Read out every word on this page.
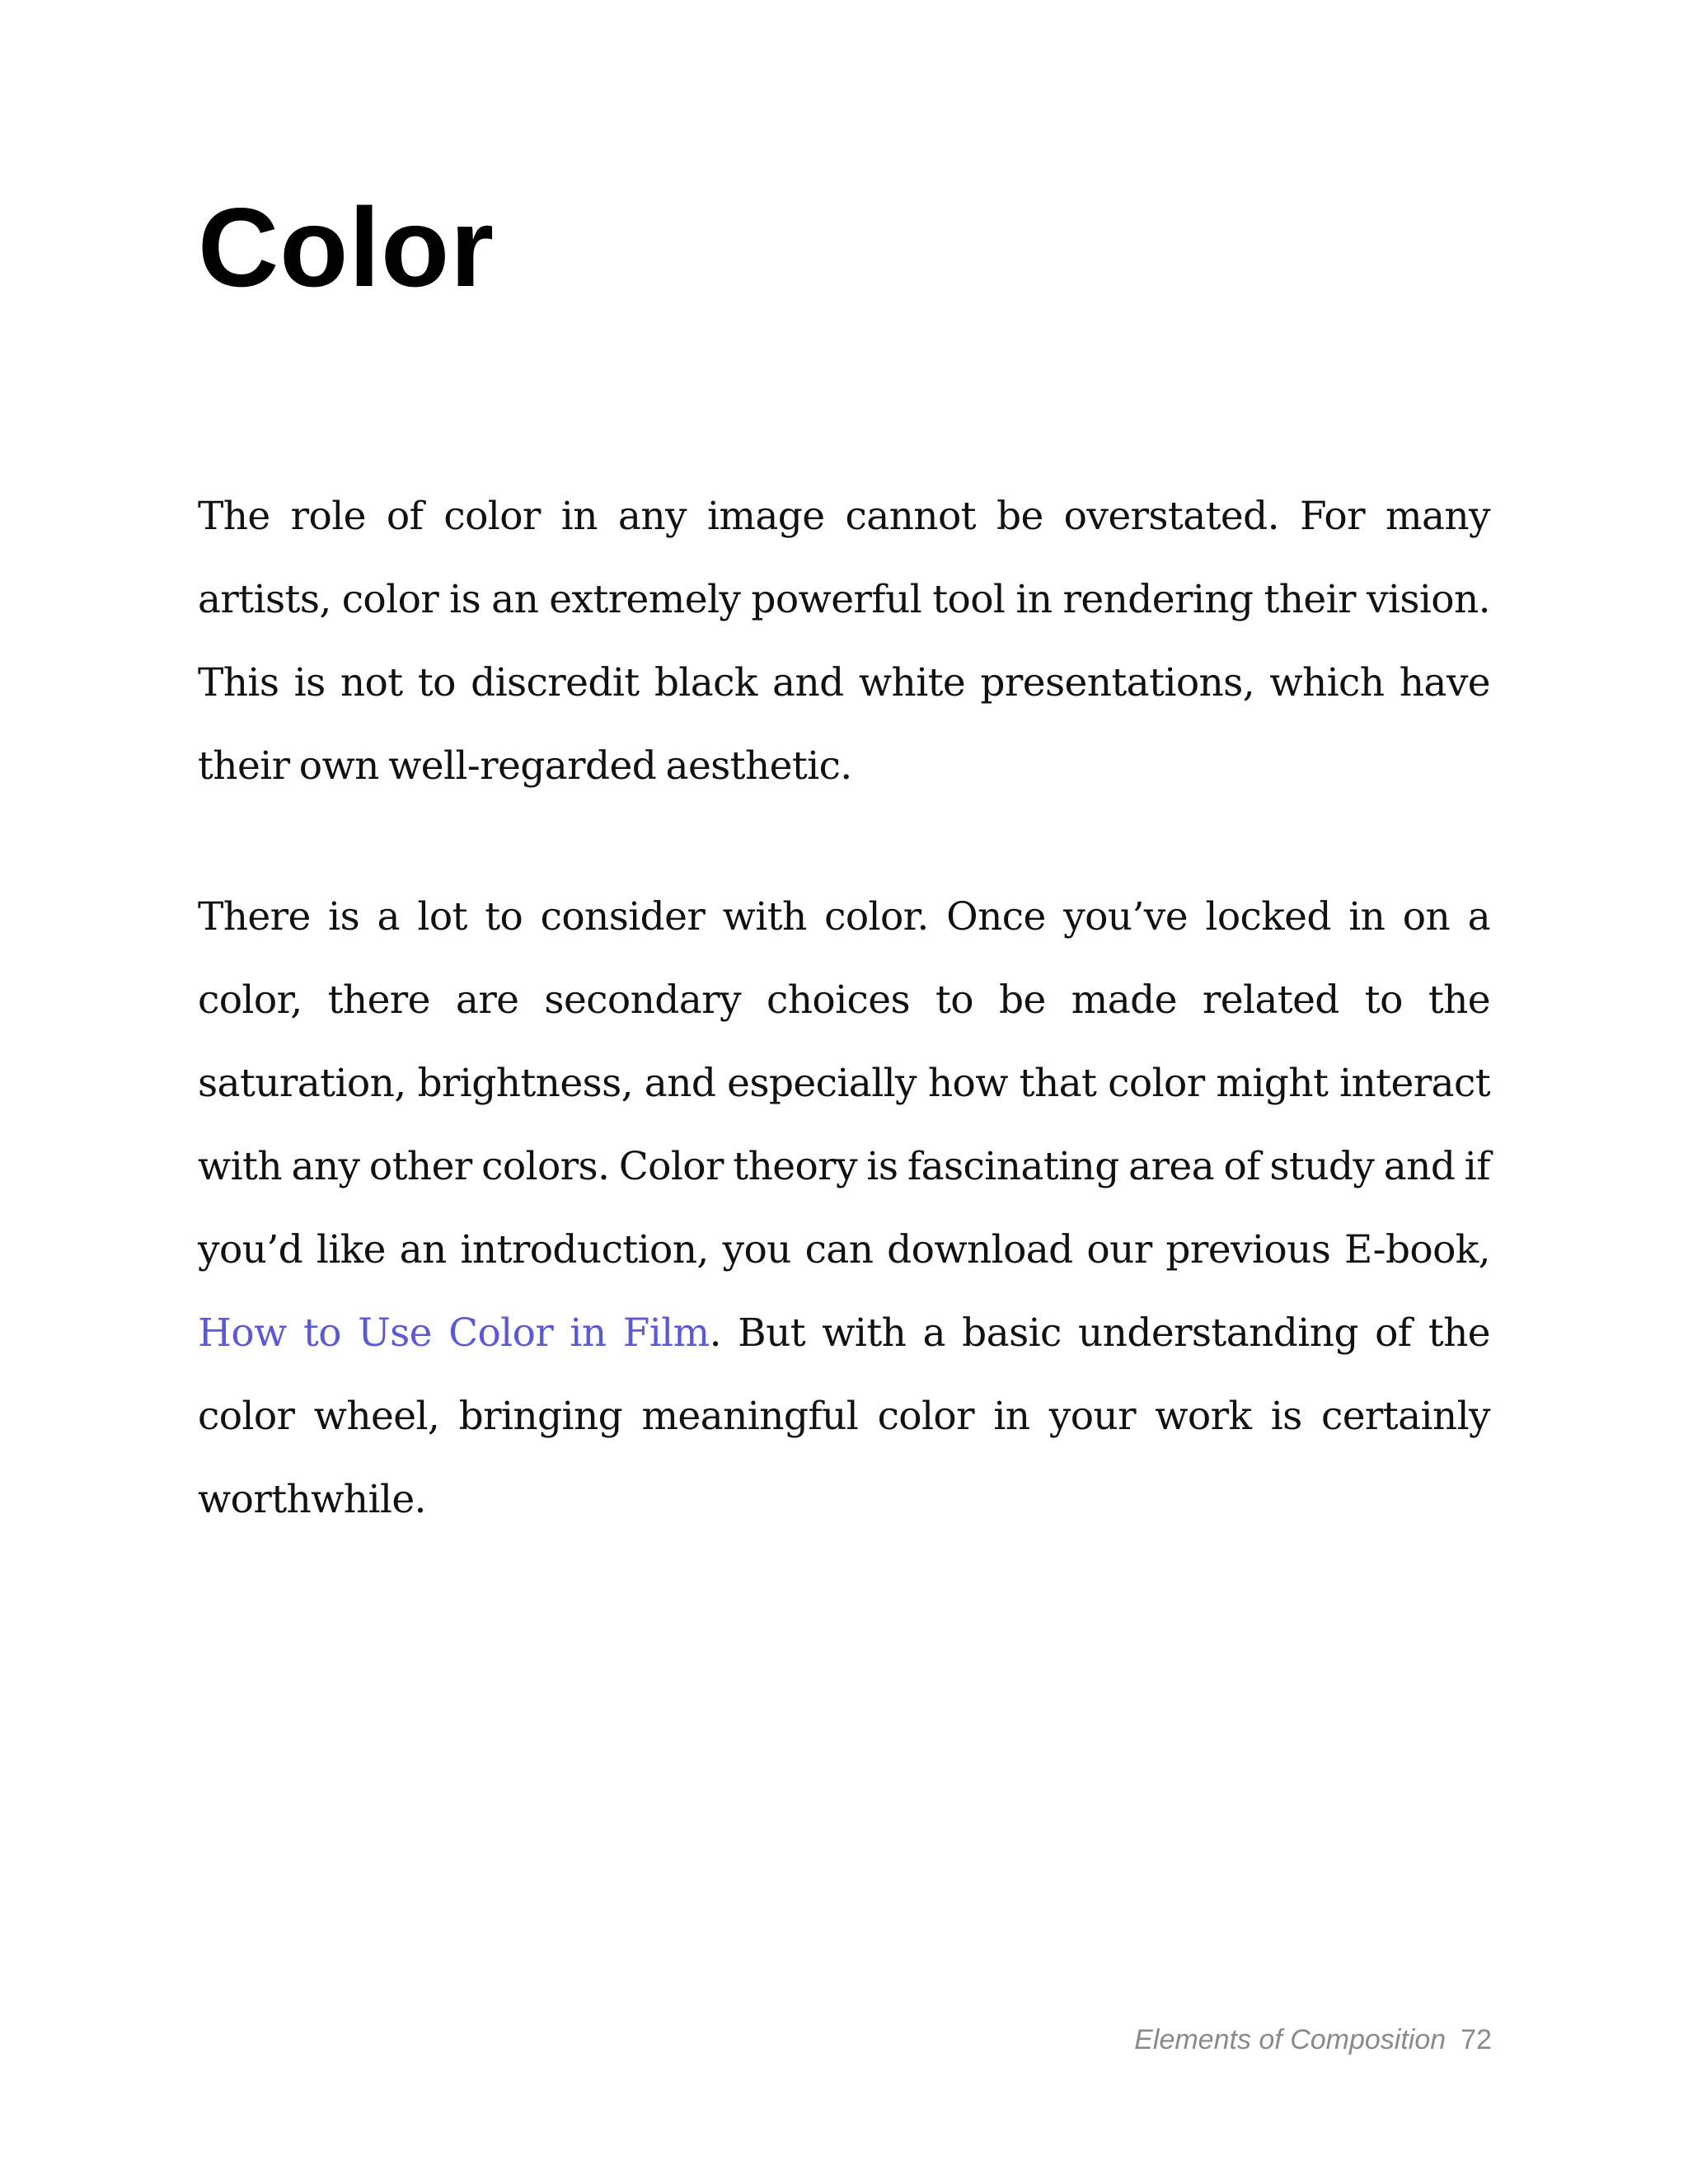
Color

The role of color in any image cannot be overstated. For many artists, color is an extremely powerful tool in rendering their vision. This is not to discredit black and white presentations, which have their own well-regarded aesthetic.

There is a lot to consider with color. Once you’ve locked in on a color, there are secondary choices to be made related to the saturation, brightness, and especially how that color might interact with any other colors. Color theory is fascinating area of study and if you’d like an introduction, you can download our previous E-book, How to Use Color in Film. But with a basic understanding of the color wheel, bringing meaningful color in your work is certainly worthwhile.

Elements of Composition 72
